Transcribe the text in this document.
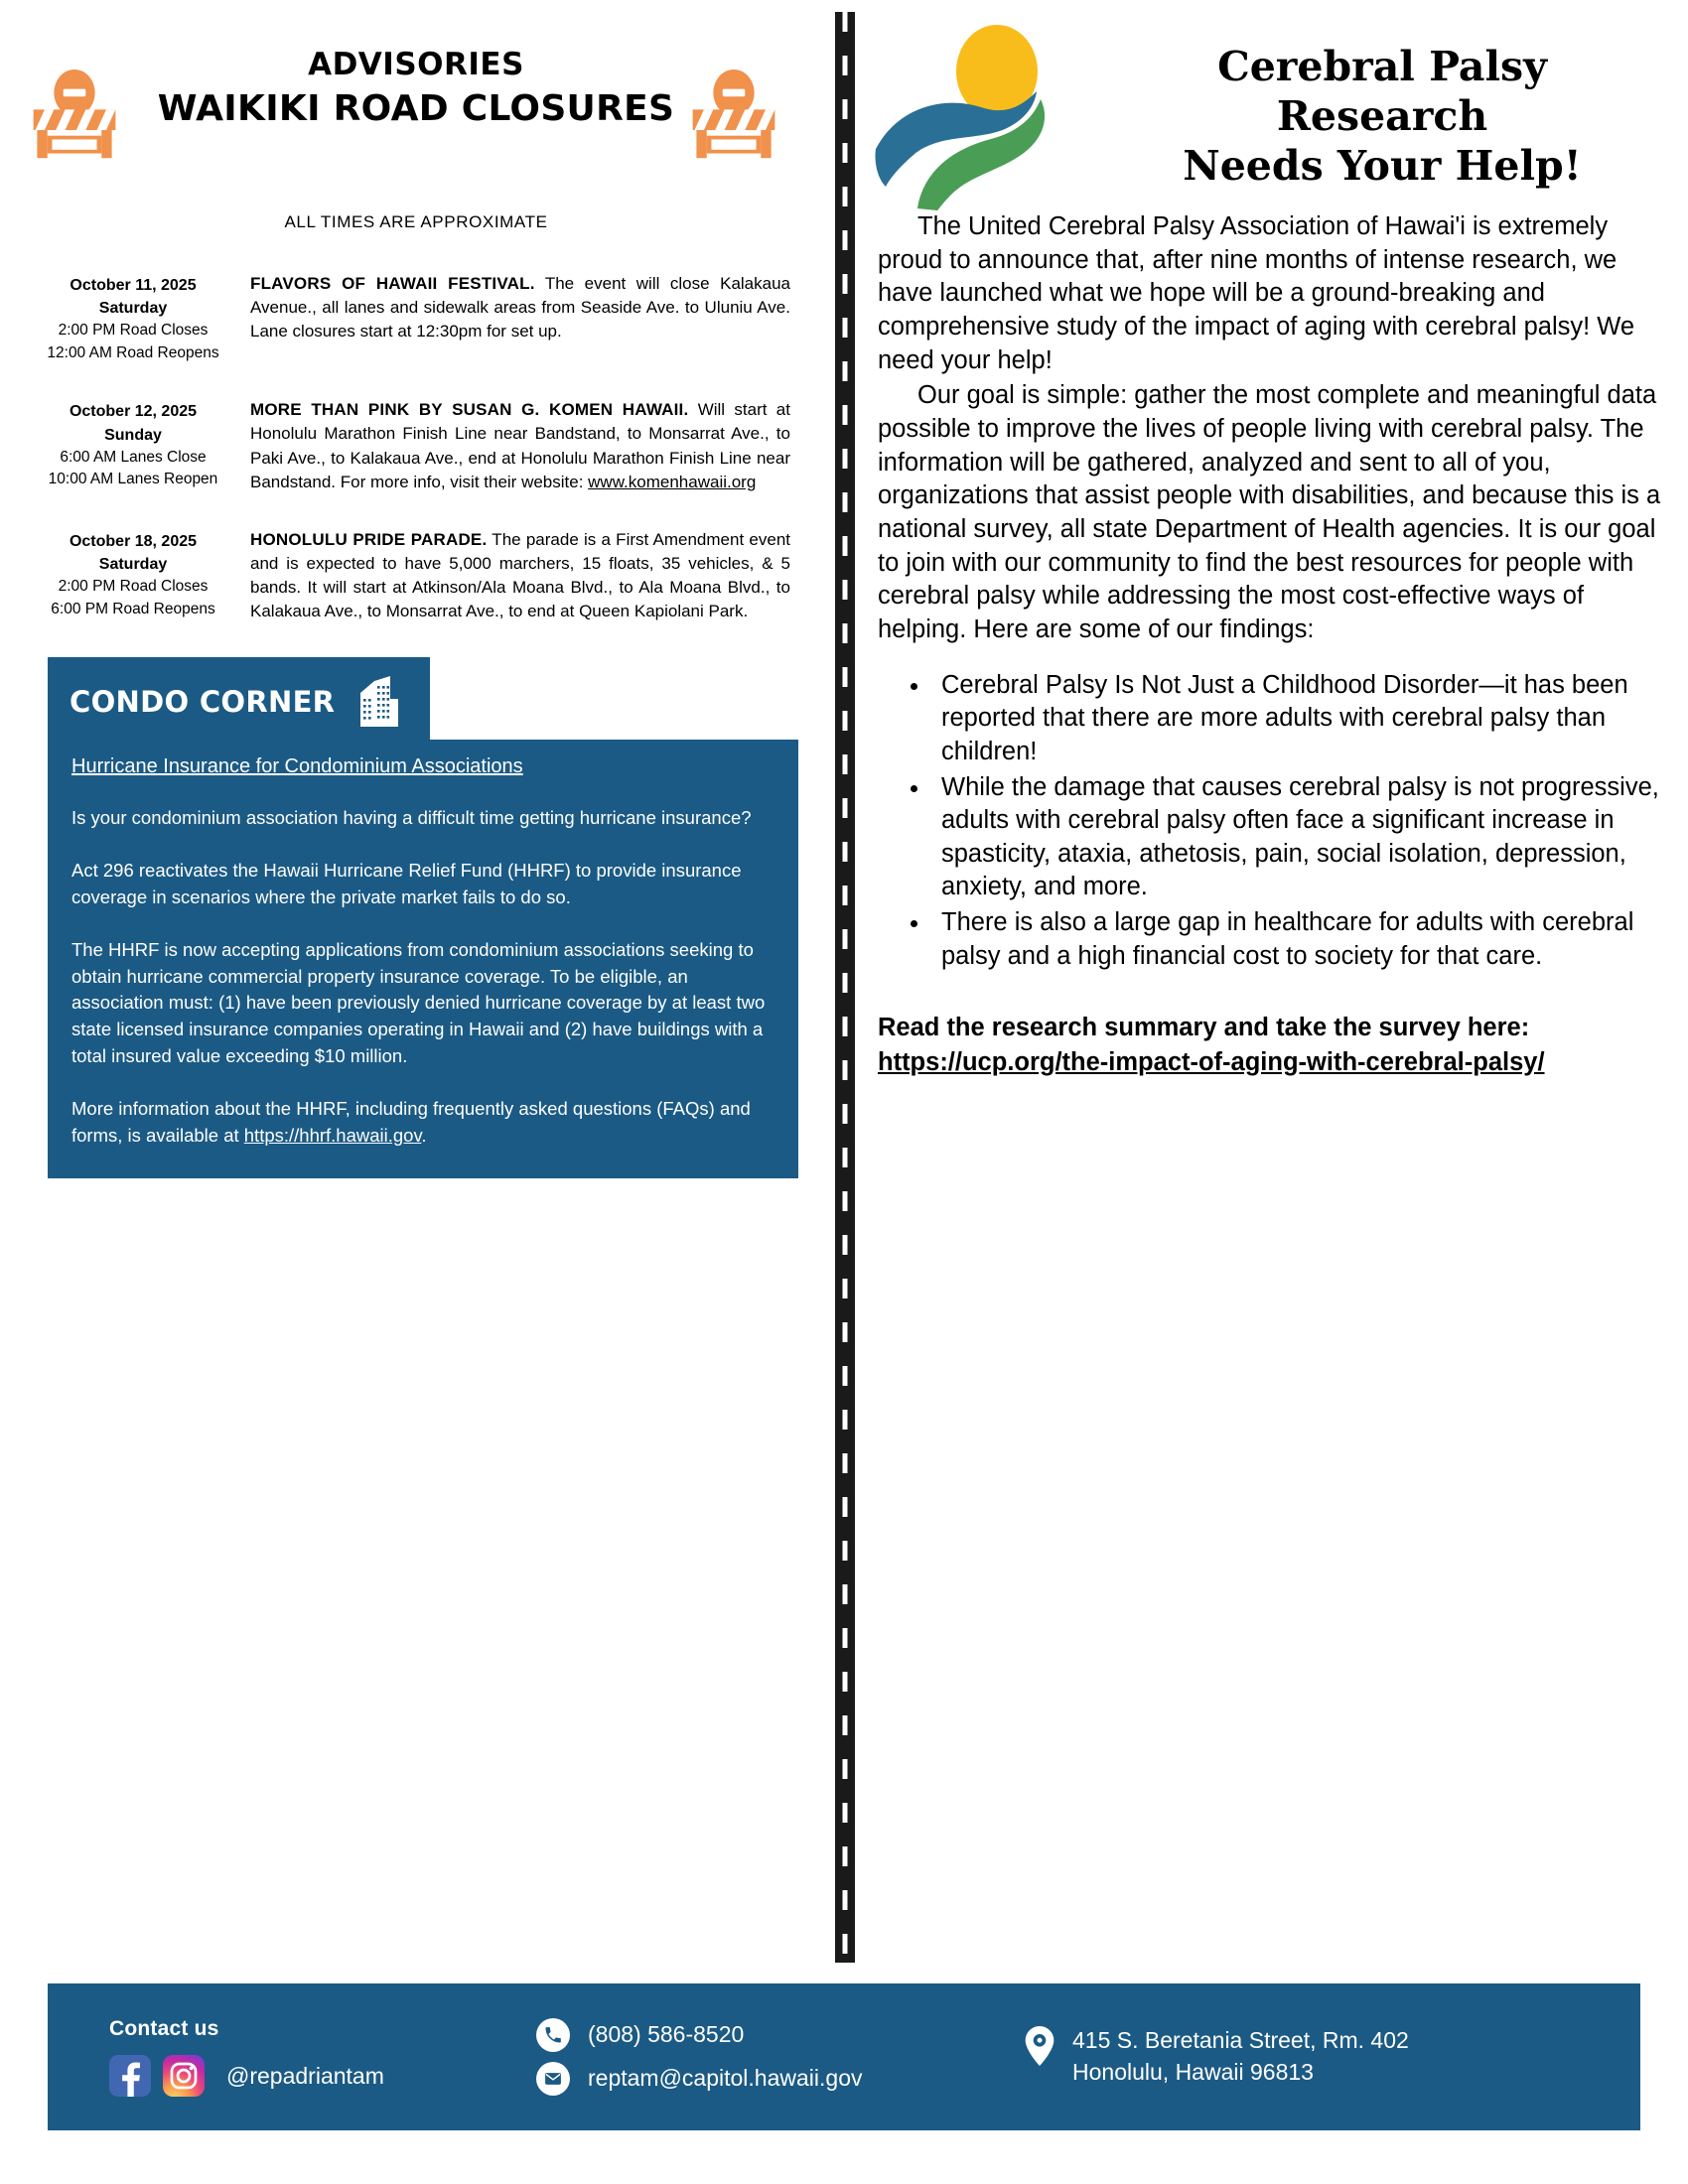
ADVISORIES
WAIKIKI ROAD CLOSURES
ALL TIMES ARE APPROXIMATE
October 11, 2025
Saturday
2:00 PM Road Closes
12:00 AM Road Reopens
FLAVORS OF HAWAII FESTIVAL. The event will close Kalakaua Avenue., all lanes and sidewalk areas from Seaside Ave. to Uluniu Ave. Lane closures start at 12:30pm for set up.
October 12, 2025
Sunday
6:00 AM Lanes Close
10:00 AM Lanes Reopen
MORE THAN PINK BY SUSAN G. KOMEN HAWAII. Will start at Honolulu Marathon Finish Line near Bandstand, to Monsarrat Ave., to Paki Ave., to Kalakaua Ave., end at Honolulu Marathon Finish Line near Bandstand. For more info, visit their website: www.komenhawaii.org
October 18, 2025
Saturday
2:00 PM Road Closes
6:00 PM Road Reopens
HONOLULU PRIDE PARADE. The parade is a First Amendment event and is expected to have 5,000 marchers, 15 floats, 35 vehicles, & 5 bands. It will start at Atkinson/Ala Moana Blvd., to Ala Moana Blvd., to Kalakaua Ave., to Monsarrat Ave., to end at Queen Kapiolani Park.
CONDO CORNER
Hurricane Insurance for Condominium Associations

Is your condominium association having a difficult time getting hurricane insurance?

Act 296 reactivates the Hawaii Hurricane Relief Fund (HHRF) to provide insurance coverage in scenarios where the private market fails to do so.

The HHRF is now accepting applications from condominium associations seeking to obtain hurricane commercial property insurance coverage. To be eligible, an association must: (1) have been previously denied hurricane coverage by at least two state licensed insurance companies operating in Hawaii and (2) have buildings with a total insured value exceeding $10 million.

More information about the HHRF, including frequently asked questions (FAQs) and forms, is available at https://hhrf.hawaii.gov.

Cerebral Palsy
Research
Needs Your Help!

The United Cerebral Palsy Association of Hawai'i is extremely proud to announce that, after nine months of intense research, we have launched what we hope will be a ground-breaking and comprehensive study of the impact of aging with cerebral palsy! We need your help!

Our goal is simple: gather the most complete and meaningful data possible to improve the lives of people living with cerebral palsy. The information will be gathered, analyzed and sent to all of you, organizations that assist people with disabilities, and because this is a national survey, all state Department of Health agencies. It is our goal to join with our community to find the best resources for people with cerebral palsy while addressing the most cost-effective ways of helping. Here are some of our findings:

• Cerebral Palsy Is Not Just a Childhood Disorder—it has been reported that there are more adults with cerebral palsy than children!
• While the damage that causes cerebral palsy is not progressive, adults with cerebral palsy often face a significant increase in spasticity, ataxia, athetosis, pain, social isolation, depression, anxiety, and more.
• There is also a large gap in healthcare for adults with cerebral palsy and a high financial cost to society for that care.
Read the research summary and take the survey here: https://ucp.org/the-impact-of-aging-with-cerebral-palsy/
Contact us
@repadriantam
(808) 586-8520
reptam@capitol.hawaii.gov
415 S. Beretania Street, Rm. 402
Honolulu, Hawaii 96813
